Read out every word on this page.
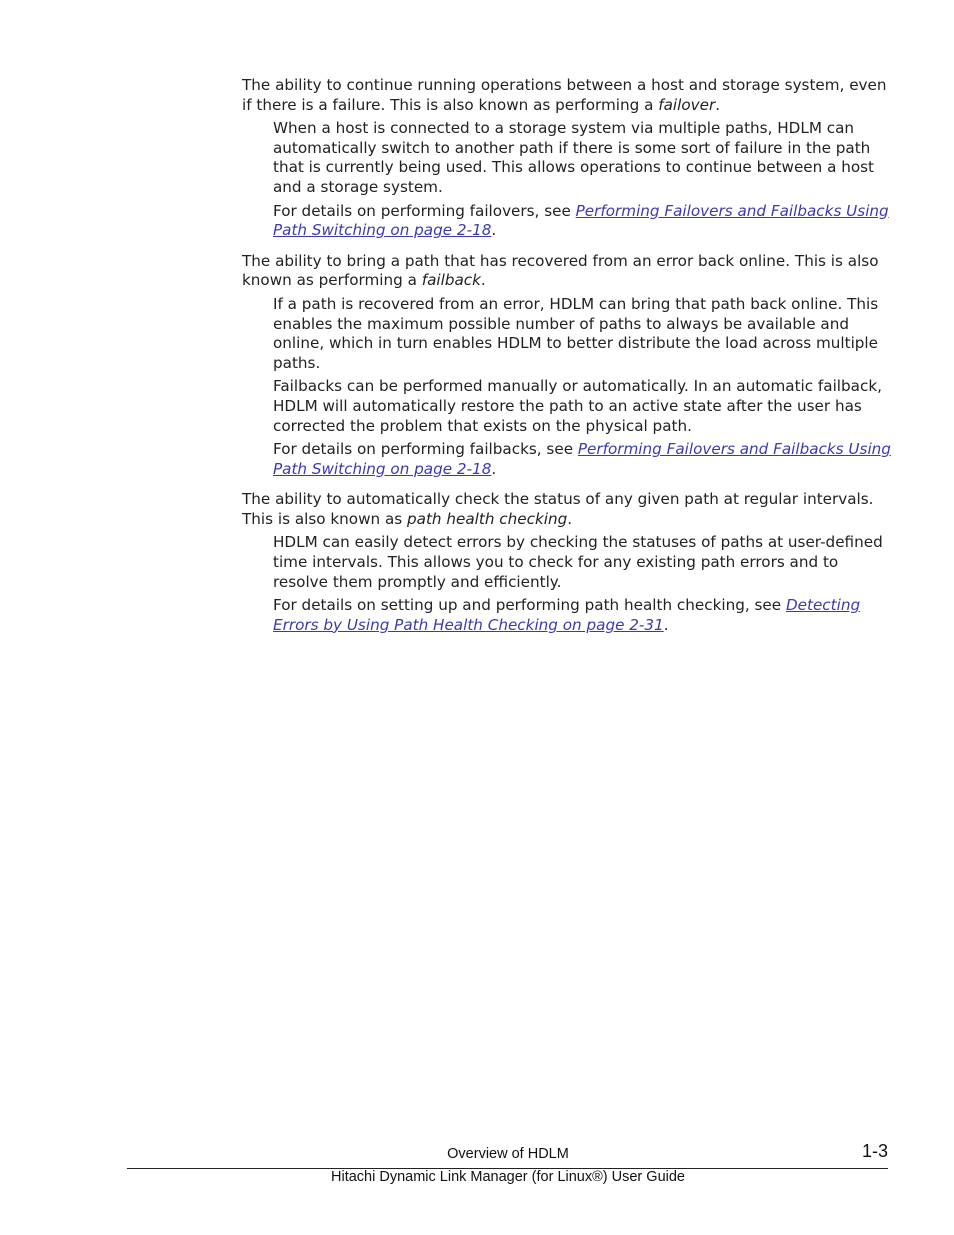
The ability to continue running operations between a host and storage system, even if there is a failure. This is also known as performing a failover.

When a host is connected to a storage system via multiple paths, HDLM can automatically switch to another path if there is some sort of failure in the path that is currently being used. This allows operations to continue between a host and a storage system.

For details on performing failovers, see Performing Failovers and Failbacks Using Path Switching on page 2-18.

The ability to bring a path that has recovered from an error back online. This is also known as performing a failback.

If a path is recovered from an error, HDLM can bring that path back online. This enables the maximum possible number of paths to always be available and online, which in turn enables HDLM to better distribute the load across multiple paths.

Failbacks can be performed manually or automatically. In an automatic failback, HDLM will automatically restore the path to an active state after the user has corrected the problem that exists on the physical path.

For details on performing failbacks, see Performing Failovers and Failbacks Using Path Switching on page 2-18.

The ability to automatically check the status of any given path at regular intervals. This is also known as path health checking.

HDLM can easily detect errors by checking the statuses of paths at user-defined time intervals. This allows you to check for any existing path errors and to resolve them promptly and efficiently.

For details on setting up and performing path health checking, see Detecting Errors by Using Path Health Checking on page 2-31.

Overview of HDLM	1-3
Hitachi Dynamic Link Manager (for Linux®) User Guide
